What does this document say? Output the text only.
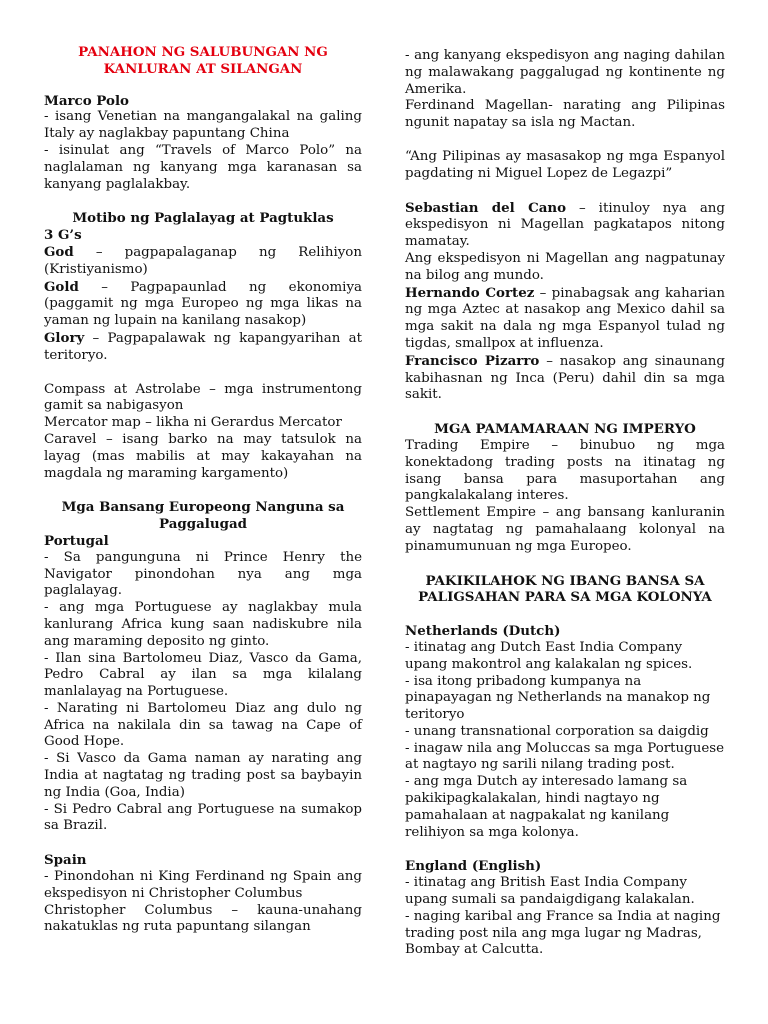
PANAHON NG SALUBUNGAN NG KANLURAN AT SILANGAN

Marco Polo

- isang Venetian na mangangalakal na galing Italy ay naglakbay papuntang China

- isinulat ang “Travels of Marco Polo” na naglalaman ng kanyang mga karanasan sa kanyang paglalakbay.

Motibo ng Paglalayag at Pagtuklas

3 G’s

God – pagpapalaganap ng Relihiyon (Kristiyanismo)

Gold – Pagpapaunlad ng ekonomiya (paggamit ng mga Europeo ng mga likas na yaman ng lupain na kanilang nasakop)

Glory – Pagpapalawak ng kapangyarihan at teritoryo.

Compass at Astrolabe – mga instrumentong gamit sa nabigasyon

Mercator map – likha ni Gerardus Mercator

Caravel – isang barko na may tatsulok na layag (mas mabilis at may kakayahan na magdala ng maraming kargamento)

Mga Bansang Europeong Nanguna sa Paggalugad

Portugal

- Sa pangunguna ni Prince Henry the Navigator pinondohan nya ang mga paglalayag.

- ang mga Portuguese ay naglakbay mula kanlurang Africa kung saan nadiskubre nila ang maraming deposito ng ginto.

- Ilan sina Bartolomeu Diaz, Vasco da Gama, Pedro Cabral ay ilan sa mga kilalang manlalayag na Portuguese.

- Narating ni Bartolomeu Diaz ang dulo ng Africa na nakilala din sa tawag na Cape of Good Hope.

- Si Vasco da Gama naman ay narating ang India at nagtatag ng trading post sa baybayin ng India (Goa, India)

- Si Pedro Cabral ang Portuguese na sumakop sa Brazil.

Spain

- Pinondohan ni King Ferdinand ng Spain ang ekspedisyon ni Christopher Columbus

Christopher Columbus – kauna-unahang nakatuklas ng ruta papuntang silangan

- ang kanyang ekspedisyon ang naging dahilan ng malawakang paggalugad ng kontinente ng Amerika.

Ferdinand Magellan- narating ang Pilipinas ngunit napatay sa isla ng Mactan.

“Ang Pilipinas ay masasakop ng mga Espanyol pagdating ni Miguel Lopez de Legazpi”

Sebastian del Cano – itinuloy nya ang ekspedisyon ni Magellan pagkatapos nitong mamatay.

Ang ekspedisyon ni Magellan ang nagpatunay na bilog ang mundo.

Hernando Cortez – pinabagsak ang kaharian ng mga Aztec at nasakop ang Mexico dahil sa mga sakit na dala ng mga Espanyol tulad ng tigdas, smallpox at influenza.

Francisco Pizarro – nasakop ang sinaunang kabihasnan ng Inca (Peru) dahil din sa mga sakit.

MGA PAMAMARAAN NG IMPERYO

Trading Empire – binubuo ng mga konektadong trading posts na itinatag ng isang bansa para masuportahan ang pangkalakalang interes.

Settlement Empire – ang bansang kanluranin ay nagtatag ng pamahalaang kolonyal na pinamumunuan ng mga Europeo.

PAKIKILAHOK NG IBANG BANSA SA PALIGSAHAN PARA SA MGA KOLONYA

Netherlands (Dutch)

- itinatag ang Dutch East India Company upang makontrol ang kalakalan ng spices.

- isa itong pribadong kumpanya na pinapayagan ng Netherlands na manakop ng teritoryo

- unang transnational corporation sa daigdig

- inagaw nila ang Moluccas sa mga Portuguese at nagtayo ng sarili nilang trading post.

- ang mga Dutch ay interesado lamang sa pakikipagkalakalan, hindi nagtayo ng pamahalaan at nagpakalat ng kanilang relihiyon sa mga kolonya.

England (English)

- itinatag ang British East India Company upang sumali sa pandaigdigang kalakalan.

- naging karibal ang France sa India at naging trading post nila ang mga lugar ng Madras, Bombay at Calcutta.
